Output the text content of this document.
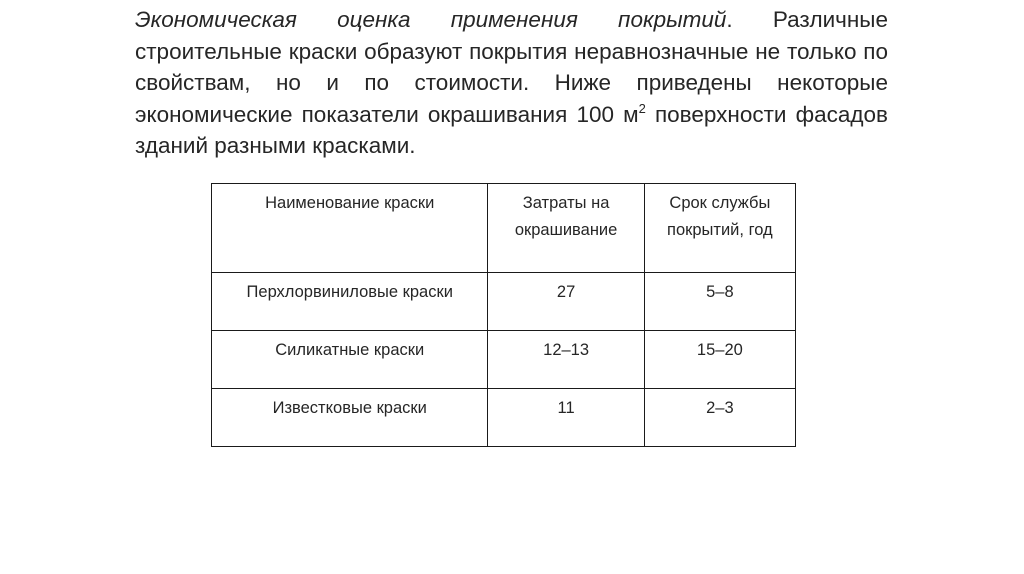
Экономическая оценка применения покрытий. Различные строительные краски образуют покрытия неравнозначные не только по свойствам, но и по стоимости. Ниже приведены некоторые экономические показатели окрашивания 100 $м^2$ поверхности фасадов зданий разными красками.

Наименование краски	Затраты на окрашивание	Срок службы покрытий, год
Перхлорвиниловые краски	27	5–8
Силикатные краски	12–13	15–20
Известковые краски	11	2–3
